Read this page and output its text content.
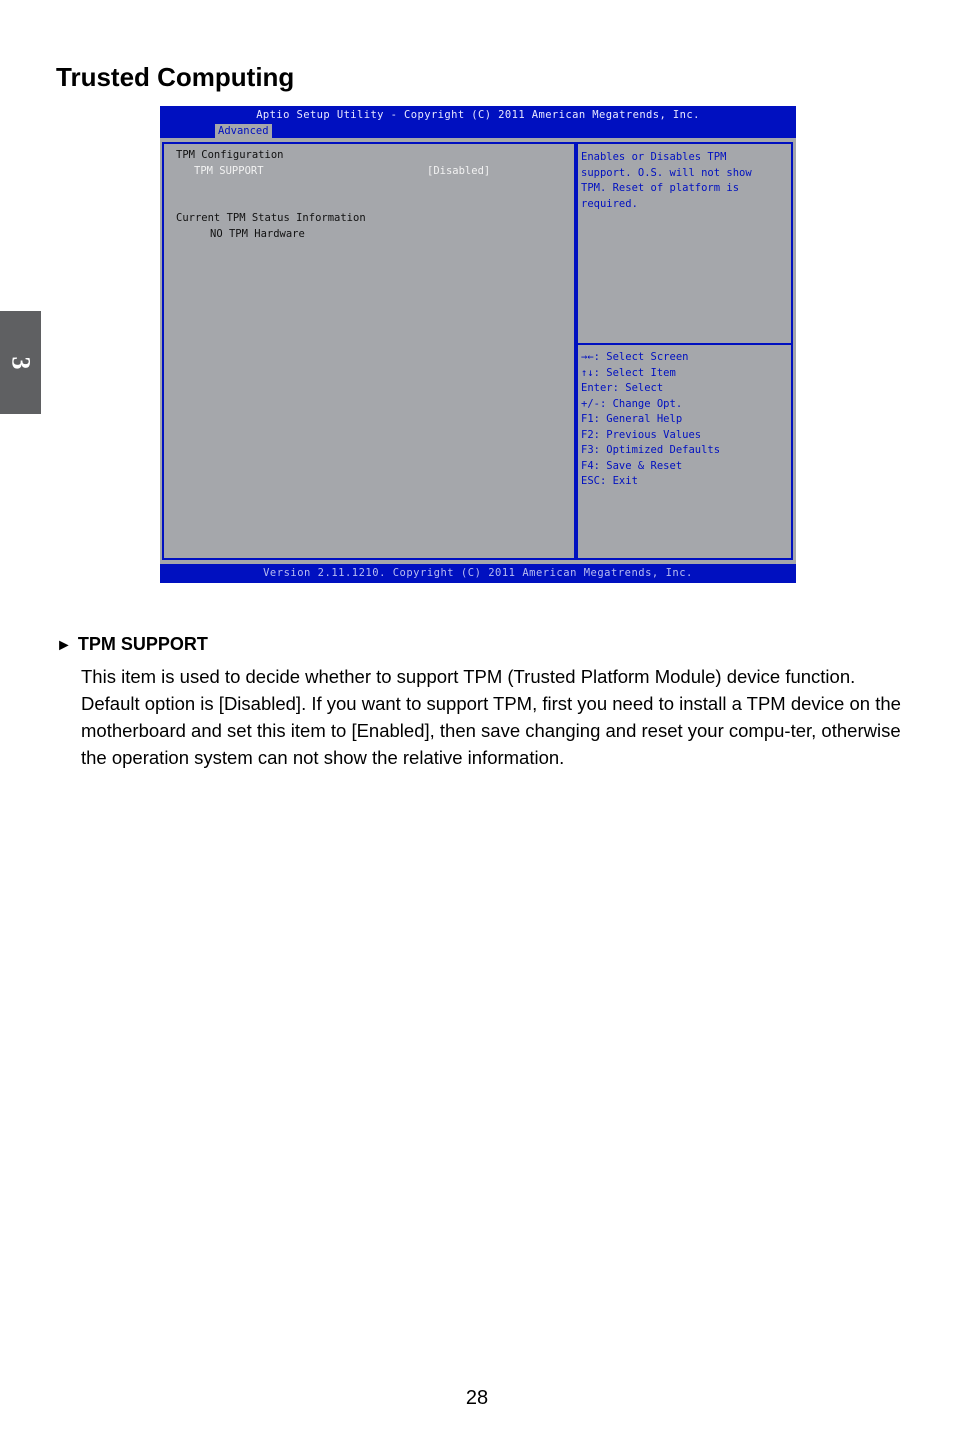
3
Trusted Computing
Aptio Setup Utility - Copyright (C) 2011 American Megatrends, Inc.
Advanced
TPM Configuration
TPM SUPPORT	[Disabled]
Current TPM Status Information
NO TPM Hardware
Enables or Disables TPM
support. O.S. will not show
TPM. Reset of platform is
required.
→←: Select Screen
↑↓: Select Item
Enter: Select
+/-: Change Opt.
F1: General Help
F2: Previous Values
F3: Optimized Defaults
F4: Save & Reset
ESC: Exit
Version 2.11.1210. Copyright (C) 2011 American Megatrends, Inc.

► TPM SUPPORT

This item is used to decide whether to support TPM (Trusted Platform Module) device function. Default option is [Disabled]. If you want to support TPM, first you need to install a TPM device on the motherboard and set this item to [Enabled], then save changing and reset your compu-ter, otherwise the operation system can not show the relative information.
28
